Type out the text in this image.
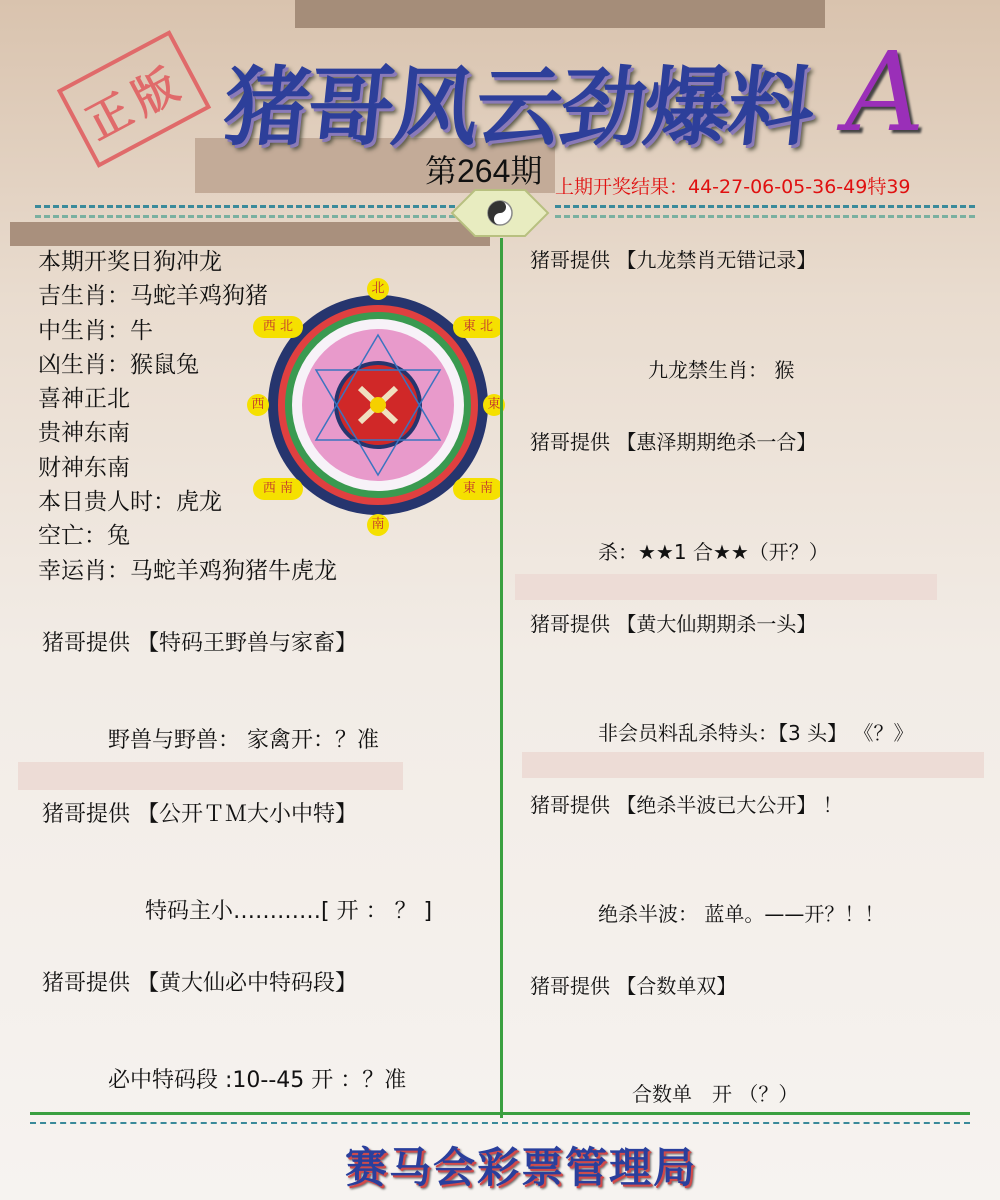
正版 猪哥风云劲爆料 A
第264期 上期开奖结果：44-27-06-05-36-49特39
本期开奖日狗冲龙
吉生肖：马蛇羊鸡狗猪
中生肖：牛
凶生肖：猴鼠兔
喜神正北
贵神东南
财神东南
本日贵人时：虎龙
空亡：兔
幸运肖：马蛇羊鸡狗猪牛虎龙
北
南
東
西
西 北	東 北
西 南	東 南
猪哥提供 【特码王野兽与家畜】
野兽与野兽： 家禽开：？准
猪哥提供 【公开ＴＭ大小中特】
特码主小…………[ 开 ： ？ ]
猪哥提供 【黄大仙必中特码段】
必中特码段 :10--45 开 ：？准
猪哥提供 【九龙禁肖无错记录】
九龙禁生肖： 猴
猪哥提供 【惠泽期期绝杀一合】
杀：★★1 合★★（开？）
猪哥提供 【黄大仙期期杀一头】
非会员料乱杀特头：【3 头】 《？》
猪哥提供 【绝杀半波已大公开】 ！
绝杀半波： 蓝单。——开？！！
猪哥提供 【合数单双】
合数单　开 （？）
赛马会彩票管理局
